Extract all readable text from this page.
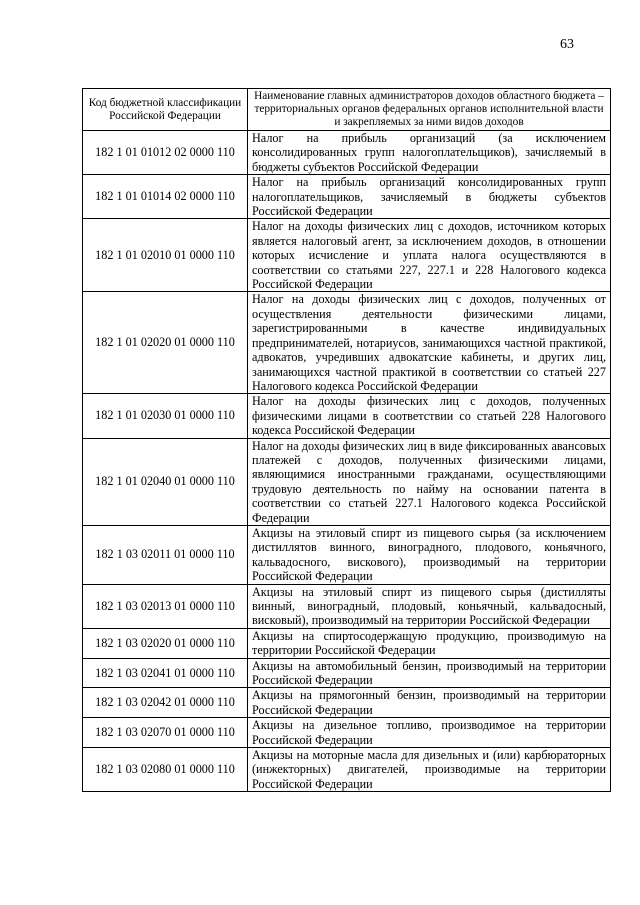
63
Код бюджетной классификации Российской Федерации	Наименование главных администраторов доходов областного бюджета – территориальных органов федеральных органов исполнительной власти и закрепляемых за ними видов доходов
182 1 01 01012 02 0000 110	Налог на прибыль организаций (за исключением консолидированных групп налогоплательщиков), зачисляемый в бюджеты субъектов Российской Федерации
182 1 01 01014 02 0000 110	Налог на прибыль организаций консолидированных групп налогоплательщиков, зачисляемый в бюджеты субъектов Российской Федерации
182 1 01 02010 01 0000 110	Налог на доходы физических лиц с доходов, источником которых является налоговый агент, за исключением доходов, в отношении которых исчисление и уплата налога осуществляются в соответствии со статьями 227, 227.1 и 228 Налогового кодекса Российской Федерации
182 1 01 02020 01 0000 110	Налог на доходы физических лиц с доходов, полученных от осуществления деятельности физическими лицами, зарегистрированными в качестве индивидуальных предпринимателей, нотариусов, занимающихся частной практикой, адвокатов, учредивших адвокатские кабинеты, и других лиц, занимающихся частной практикой в соответствии со статьей 227 Налогового кодекса Российской Федерации
182 1 01 02030 01 0000 110	Налог на доходы физических лиц с доходов, полученных физическими лицами в соответствии со статьей 228 Налогового кодекса Российской Федерации
182 1 01 02040 01 0000 110	Налог на доходы физических лиц в виде фиксированных авансовых платежей с доходов, полученных физическими лицами, являющимися иностранными гражданами, осуществляющими трудовую деятельность по найму на основании патента в соответствии со статьей 227.1 Налогового кодекса Российской Федерации
182 1 03 02011 01 0000 110	Акцизы на этиловый спирт из пищевого сырья (за исключением дистиллятов винного, виноградного, плодового, коньячного, кальвадосного, вискового), производимый на территории Российской Федерации
182 1 03 02013 01 0000 110	Акцизы на этиловый спирт из пищевого сырья (дистилляты винный, виноградный, плодовый, коньячный, кальвадосный, висковый), производимый на территории Российской Федерации
182 1 03 02020 01 0000 110	Акцизы на спиртосодержащую продукцию, производимую на территории Российской Федерации
182 1 03 02041 01 0000 110	Акцизы на автомобильный бензин, производимый на территории Российской Федерации
182 1 03 02042 01 0000 110	Акцизы на прямогонный бензин, производимый на территории Российской Федерации
182 1 03 02070 01 0000 110	Акцизы на дизельное топливо, производимое на территории Российской Федерации
182 1 03 02080 01 0000 110	Акцизы на моторные масла для дизельных и (или) карбюраторных (инжекторных) двигателей, производимые на территории Российской Федерации
